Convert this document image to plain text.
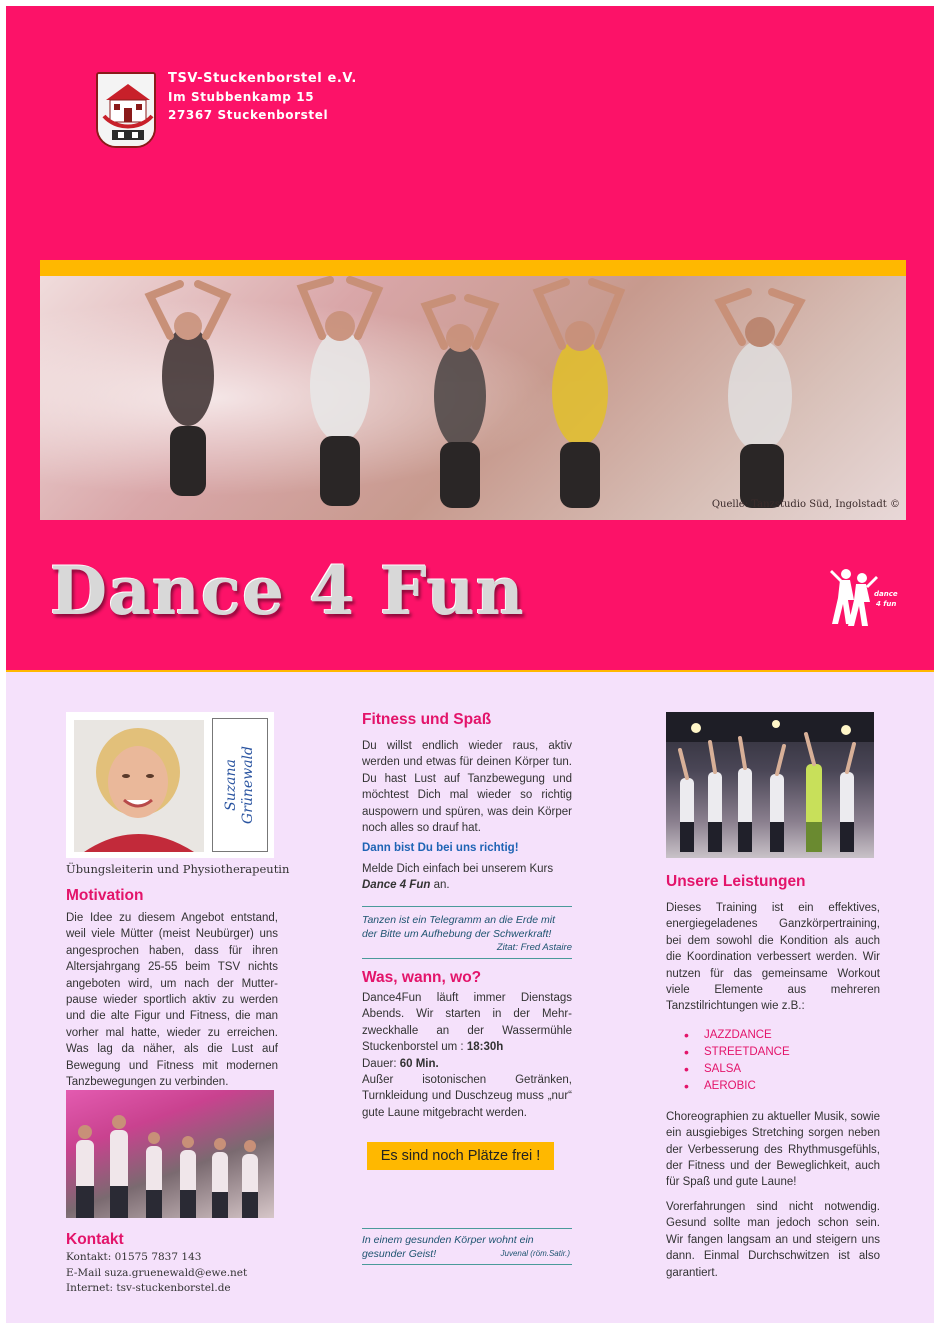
TSV-Stuckenborstel e.V.
Im Stubbenkamp 15
27367 Stuckenborstel
Quelle: Tanzstudio Süd, Ingolstadt ©
Dance 4 Fun	dance
4 fun
Suzana Grünewald
Übungsleiterin und Physiotherapeutin
Motivation
Die Idee zu diesem Angebot entstand, weil viele Mütter (meist Neubürger) uns angesprochen haben, dass für ihren Altersjahrgang 25-55 beim TSV nichts angeboten wird, um nach der Mutter-pause wieder sportlich aktiv zu werden und die alte Figur und Fitness, die man vorher mal hatte, wieder zu erreichen. Was lag da näher, als die Lust auf Bewegung und Fitness mit modernen Tanzbewegungen zu verbinden.
Kontakt
Kontakt: 01575 7837 143
E-Mail suza.gruenewald@ewe.net
Internet: tsv-stuckenborstel.de
Fitness und Spaß
Du willst endlich wieder raus, aktiv werden und etwas für deinen Körper tun. Du hast Lust auf Tanzbewegung und möchtest Dich mal wieder so richtig auspowern und spüren, was dein Körper noch alles so drauf hat.
Dann bist Du bei uns richtig!
Melde Dich einfach bei unserem Kurs
Dance 4 Fun an.
Tanzen ist ein Telegramm an die Erde mit der Bitte um Aufhebung der Schwerkraft!
Zitat: Fred Astaire
Was, wann, wo?
Dance4Fun läuft immer Dienstags Abends. Wir starten in der Mehr-zweckhalle an der Wassermühle Stuckenborstel um : 18:30h
Dauer: 60 Min.
Außer isotonischen Getränken, Turnkleidung und Duschzeug muss „nur“ gute Laune mitgebracht werden.
Es sind noch Plätze frei !
In einem gesunden Körper wohnt ein gesunder Geist!	Juvenal (röm.Satir.)
Unsere Leistungen
Dieses Training ist ein effektives, energiegeladenes Ganzkörpertraining, bei dem sowohl die Kondition als auch die Koordination verbessert werden. Wir nutzen für das gemeinsame Workout viele Elemente aus mehreren Tanzstilrichtungen wie z.B.:
• JAZZDANCE
• STREETDANCE
• SALSA
• AEROBIC
Choreographien zu aktueller Musik, sowie ein ausgiebiges Stretching sorgen neben der Verbesserung des Rhythmusgefühls, der Fitness und der Beweglichkeit, auch für Spaß und gute Laune!
Vorerfahrungen sind nicht notwendig. Gesund sollte man jedoch schon sein. Wir fangen langsam an und steigern uns dann. Einmal Durchschwitzen ist also garantiert.
